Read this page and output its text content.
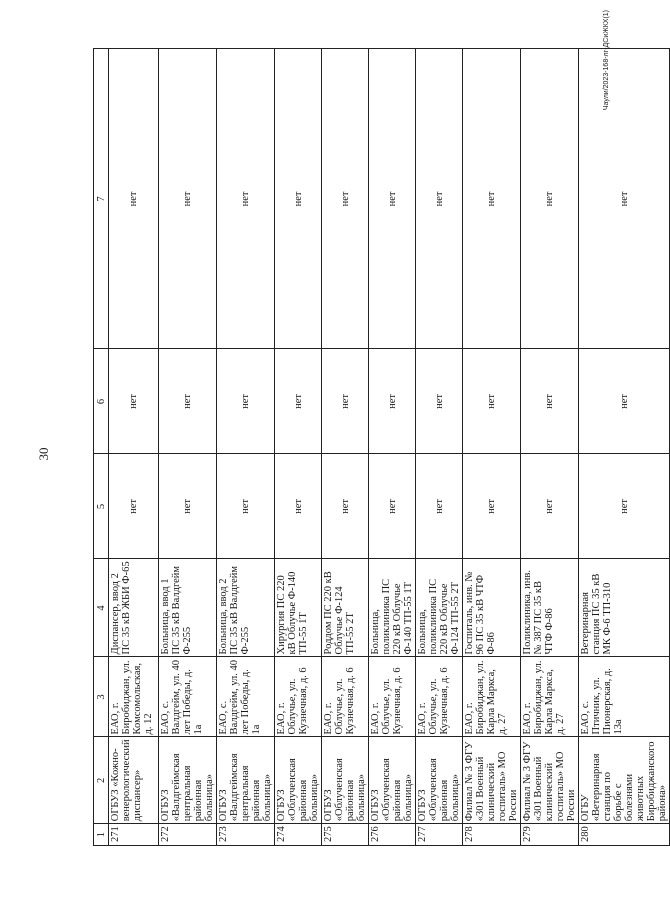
30
1	2	3	4	5	6	7
271	ОГБУЗ «Кожно-венерологический диспансер»	ЕАО, г. Биробиджан, ул. Комсомольская, д. 12	Диспансер, ввод 2 ПС 35 кВ ЖБИ Ф-65	нет	нет	нет
272	ОГБУЗ «Валдгеймская центральная районная больница»	ЕАО, с. Валдгейм, ул. 40 лет Победы, д. 1а	Больница, ввод 1 ПС 35 кВ Валдгейм Ф-255	нет	нет	нет
273	ОГБУЗ «Валдгеймская центральная районная больница»	ЕАО, с. Валдгейм, ул. 40 лет Победы, д. 1а	Больница, ввод 2 ПС 35 кВ Валдгейм Ф-255	нет	нет	нет
274	ОГБУЗ «Облученская районная больница»	ЕАО, г. Облучье, ул. Кузнечная, д. 6	Хирургия ПС 220 кВ Облучье Ф-140 ТП-55 1Т	нет	нет	нет
275	ОГБУЗ «Облученская районная больница»	ЕАО, г. Облучье, ул. Кузнечная, д. 6	Роддом ПС 220 кВ Облучье Ф-124 ТП-55 2Т	нет	нет	нет
276	ОГБУЗ «Облученская районная больница»	ЕАО, г. Облучье, ул. Кузнечная, д. 6	Больница, поликлиника ПС 220 кВ Облучье Ф-140 ТП-55 1Т	нет	нет	нет
277	ОГБУЗ «Облученская районная больница»	ЕАО, г. Облучье, ул. Кузнечная, д. 6	Больница, поликлиника ПС 220 кВ Облучье Ф-124 ТП-55 2Т	нет	нет	нет
278	Филиал № 3 ФГУ «301 Военный клинический госпиталь» МО России	ЕАО, г. Биробиджан, ул. Карла Маркса, д. 27	Госпиталь, инв. № 96 ПС 35 кВ ЧТФ Ф-86	нет	нет	нет
279	Филиал № 3 ФГУ «301 Военный клинический госпиталь» МО России	ЕАО, г. Биробиджан, ул. Карла Маркса, д. 27	Поликлиника, инв. № 387 ПС 35 кВ ЧТФ Ф-86	нет	нет	нет
280	ОГБУ «Ветеринарная станция по борьбе с болезнями животных Биробиджанского района»	ЕАО, с. Птичник, ул. Пионерская, д. 13а	Ветеринарная станция ПС 35 кВ МК Ф-6 ТП-310	нет	нет	нет
Чаули/2023-168-лг-ДСиЖКХ(1)
